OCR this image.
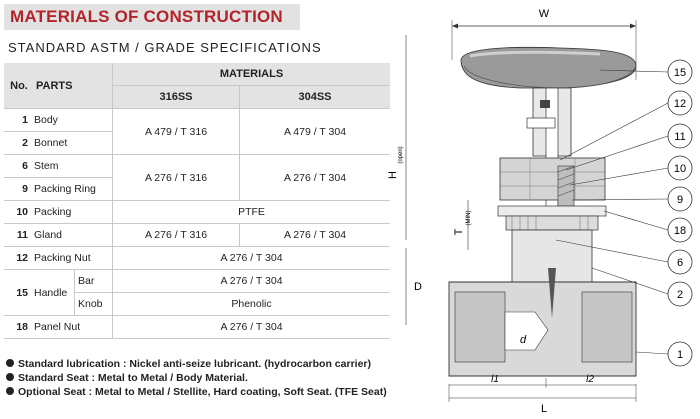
MATERIALS OF CONSTRUCTION
STANDARD ASTM / GRADE SPECIFICATIONS
No.	PARTS		MATERIALS	
			316SS	304SS
1	Body		A 479 / T 316	A 479 / T 304
2	Bonnet			
6	Stem		A 276 / T 316	A 276 / T 304
9	Packing Ring			
10	Packing		PTFE	
11	Gland		A 276 / T 316	A 276 / T 304
12	Packing Nut		A 276 / T 304	
15	Handle	Bar	A 276 / T 304	
		Knob	Phenolic	
18	Panel Nut		A 276 / T 304	
Standard lubrication : Nickel anti-seize lubricant. (hydrocarbon carrier)
Standard Seat : Metal to Metal / Body Material.
Optional Seat : Metal to Metal / Stellite, Hard coating, Soft Seat. (TFE Seat)
W
D
H
(open)
T
(MIN)
d
l1	l2
L
15
12
11
10
9
18
6
2
1
